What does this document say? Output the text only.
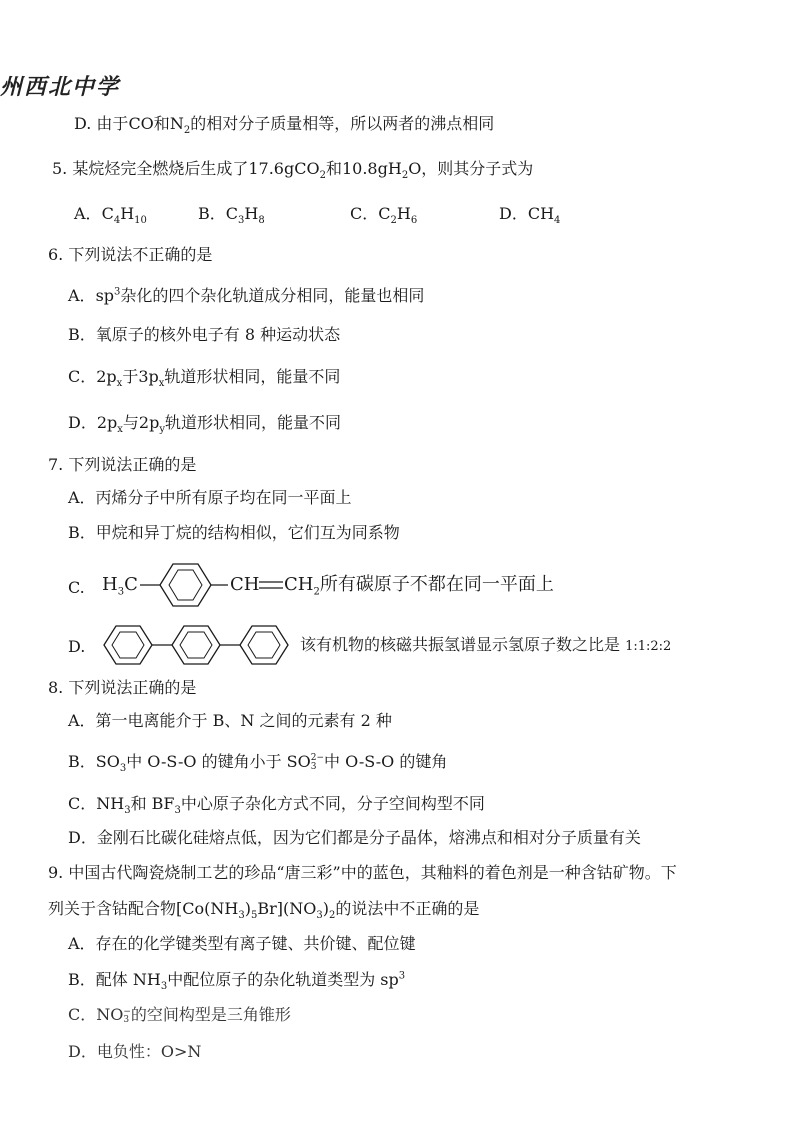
州西北中学
D. 由于CO和$N_2$的相对分子质量相等，所以两者的沸点相同
5. 某烷烃完全燃烧后生成了17.6gCO$_2$和$10.8gH_2O$，则其分子式为
A．$C_4H_{10}$	B．$C_3H_8$	C．$C_2H_6$	D．$CH_4$
6. 下列说法不正确的是
A．$sp^3$杂化的四个杂化轨道成分相同，能量也相同
B．氧原子的核外电子有 8 种运动状态
C．$2p_x$于$3p_x$轨道形状相同，能量不同
D．$2p_x$与$2p_y$轨道形状相同，能量不同
7. 下列说法正确的是
A．丙烯分子中所有原子均在同一平面上
B．甲烷和异丁烷的结构相似，它们互为同系物
C. $H_3C$	CH $CH_2$所有碳原子不都在同一平面上
D.	该有机物的核磁共振氢谱显示氢原子数之比是 1:1:2:2
8. 下列说法正确的是
A．第一电离能介于 B、N 之间的元素有 2 种
B．$SO_3$中 O-S-O 的键角小于 SO 2−
3 中 O-S-O 的键角
C．$NH_3$和 $BF_3$中心原子杂化方式不同，分子空间构型不同
D．金刚石比碳化硅熔点低，因为它们都是分子晶体，熔沸点和相对分子质量有关
9. 中国古代陶瓷烧制工艺的珍品“唐三彩”中的蓝色，其釉料的着色剂是一种含钴矿物。下
列关于含钴配合物$[Co(NH_3)_5Br](NO_3)_2$的说法中不正确的是
A．存在的化学键类型有离子键、共价键、配位键
B．配体 $NH_3$中配位原子的杂化轨道类型为 $sp^3$
C．NO −
3 的空间构型是三角锥形
D．电负性：O>N
